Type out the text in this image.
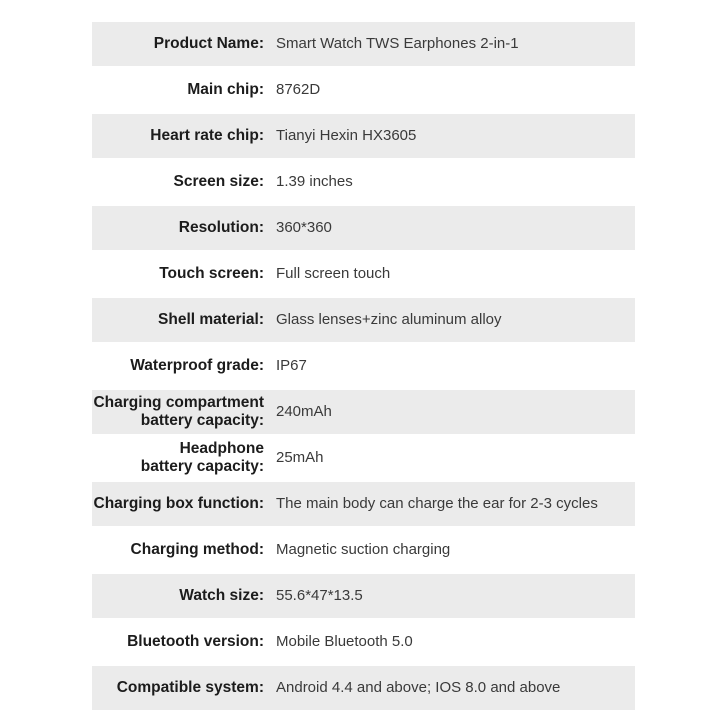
Product Name: Smart Watch TWS Earphones 2-in-1
Main chip: 8762D
Heart rate chip: Tianyi Hexin HX3605
Screen size: 1.39 inches
Resolution: 360*360
Touch screen: Full screen touch
Shell material: Glass lenses+zinc aluminum alloy
Waterproof grade: IP67
Charging compartment
battery capacity:
240mAh
Headphone
battery capacity:
25mAh
Charging box function: The main body can charge the ear for 2-3 cycles
Charging method: Magnetic suction charging
Watch size: 55.6*47*13.5
Bluetooth version: Mobile Bluetooth 5.0
Compatible system: Android 4.4 and above; IOS 8.0 and above
